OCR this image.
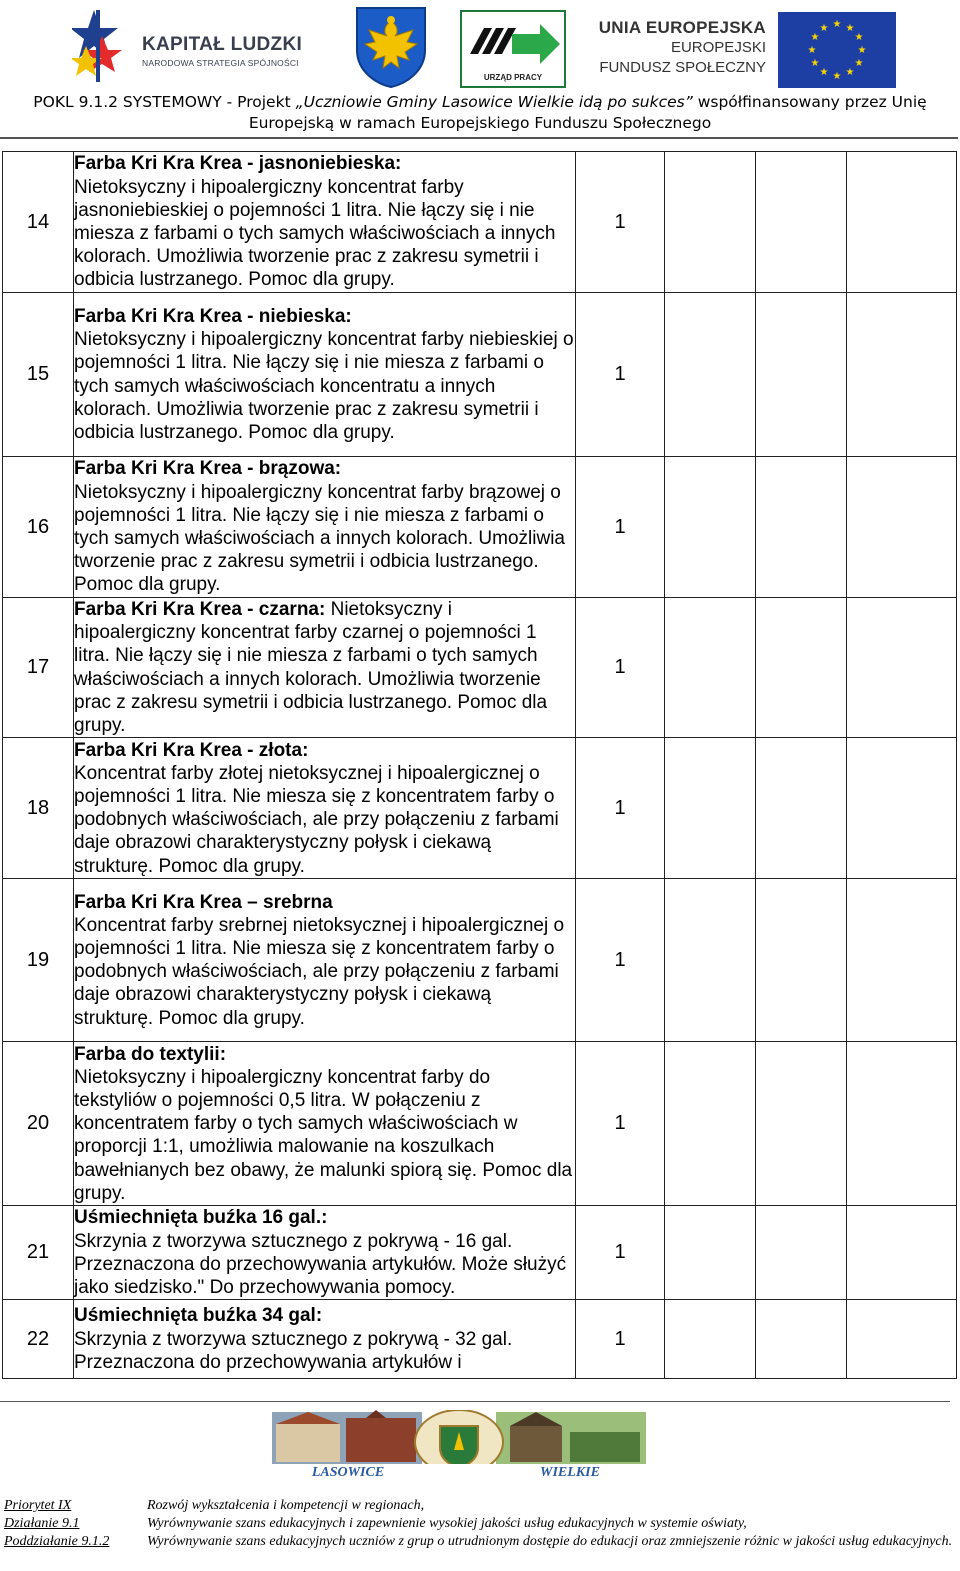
KAPITAŁ LUDZKI
NARODOWA STRATEGIA SPÓJNOŚCI
URZĄD PRACY
UNIA EUROPEJSKA
EUROPEJSKI
FUNDUSZ SPOŁECZNY
★ ★
★
★
★
★
★
★
★
★
★
★
POKL 9.1.2 SYSTEMOWY - Projekt „Uczniowie Gminy Lasowice Wielkie idą po sukces” współfinansowany przez Unię
Europejską w ramach Europejskiego Funduszu Społecznego
14	Farba Kri Kra Krea - jasnoniebieska:
Nietoksyczny i hipoalergiczny koncentrat farby jasnoniebieskiej o pojemności 1 litra. Nie łączy się i nie miesza z farbami o tych samych właściwościach a innych kolorach. Umożliwia tworzenie prac z zakresu symetrii i odbicia lustrzanego. Pomoc dla grupy.	1			
15	Farba Kri Kra Krea - niebieska:
Nietoksyczny i hipoalergiczny koncentrat farby niebieskiej o pojemności 1 litra. Nie łączy się i nie miesza z farbami o tych samych właściwościach koncentratu a innych kolorach. Umożliwia tworzenie prac z zakresu symetrii i odbicia lustrzanego. Pomoc dla grupy.	1			
16	Farba Kri Kra Krea - brązowa:
Nietoksyczny i hipoalergiczny koncentrat farby brązowej o pojemności 1 litra. Nie łączy się i nie miesza z farbami o tych samych właściwościach a innych kolorach. Umożliwia tworzenie prac z zakresu symetrii i odbicia lustrzanego. Pomoc dla grupy.	1			
17	Farba Kri Kra Krea - czarna: Nietoksyczny i hipoalergiczny koncentrat farby czarnej o pojemności 1 litra. Nie łączy się i nie miesza z farbami o tych samych właściwościach a innych kolorach. Umożliwia tworzenie prac z zakresu symetrii i odbicia lustrzanego. Pomoc dla grupy.	1			
18	Farba Kri Kra Krea - złota:
Koncentrat farby złotej nietoksycznej i hipoalergicznej o pojemności 1 litra. Nie miesza się z koncentratem farby o podobnych właściwościach, ale przy połączeniu z farbami daje obrazowi charakterystyczny połysk i ciekawą strukturę. Pomoc dla grupy.	1			
19	Farba Kri Kra Krea – srebrna
Koncentrat farby srebrnej nietoksycznej i hipoalergicznej o pojemności 1 litra. Nie miesza się z koncentratem farby o podobnych właściwościach, ale przy połączeniu z farbami daje obrazowi charakterystyczny połysk i ciekawą strukturę. Pomoc dla grupy.	1			
20	Farba do textylii:
Nietoksyczny i hipoalergiczny koncentrat farby do tekstyliów o pojemności 0,5 litra. W połączeniu z koncentratem farby o tych samych właściwościach w proporcji 1:1, umożliwia malowanie na koszulkach bawełnianych bez obawy, że malunki spiorą się. Pomoc dla grupy.	1			
21	Uśmiechnięta buźka 16 gal.:
Skrzynia z tworzywa sztucznego z pokrywą - 16 gal. Przeznaczona do przechowywania artykułów. Może służyć jako siedzisko." Do przechowywania pomocy.	1			
22	Uśmiechnięta buźka 34 gal:
Skrzynia z tworzywa sztucznego z pokrywą - 32 gal. Przeznaczona do przechowywania artykułów i	1			
LASOWICE	WIELKIE
Priorytet IX
Działanie 9.1
Poddziałanie 9.1.2
Rozwój wykształcenia i kompetencji w regionach,
Wyrównywanie szans edukacyjnych i zapewnienie wysokiej jakości usług edukacyjnych w systemie oświaty,
Wyrównywanie szans edukacyjnych uczniów z grup o utrudnionym dostępie do edukacji oraz zmniejszenie różnic w jakości usług edukacyjnych.
